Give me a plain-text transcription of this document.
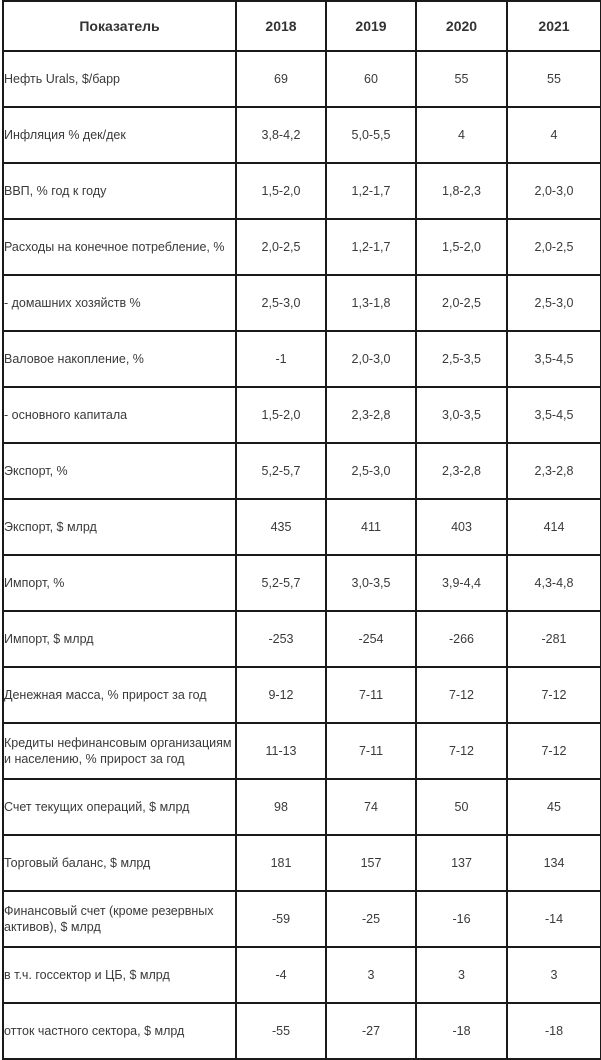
Показатель	2018	2019	2020	2021
Нефть Urals, $/барр	69	60	55	55
Инфляция % дек/дек	3,8-4,2	5,0-5,5	4	4
ВВП, % год к году	1,5-2,0	1,2-1,7	1,8-2,3	2,0-3,0
Расходы на конечное потребление, %	2,0-2,5	1,2-1,7	1,5-2,0	2,0-2,5
- домашних хозяйств %	2,5-3,0	1,3-1,8	2,0-2,5	2,5-3,0
Валовое накопление, %	-1	2,0-3,0	2,5-3,5	3,5-4,5
- основного капитала	1,5-2,0	2,3-2,8	3,0-3,5	3,5-4,5
Экспорт, %	5,2-5,7	2,5-3,0	2,3-2,8	2,3-2,8
Экспорт, $ млрд	435	411	403	414
Импорт, %	5,2-5,7	3,0-3,5	3,9-4,4	4,3-4,8
Импорт, $ млрд	-253	-254	-266	-281
Денежная масса, % прирост за год	9-12	7-11	7-12	7-12
Кредиты нефинансовым организациям и населению, % прирост за год	11-13	7-11	7-12	7-12
Счет текущих операций, $ млрд	98	74	50	45
Торговый баланс, $ млрд	181	157	137	134
Финансовый счет (кроме резервных активов), $ млрд	-59	-25	-16	-14
в т.ч. госсектор и ЦБ, $ млрд	-4	3	3	3
отток частного сектора, $ млрд	-55	-27	-18	-18
